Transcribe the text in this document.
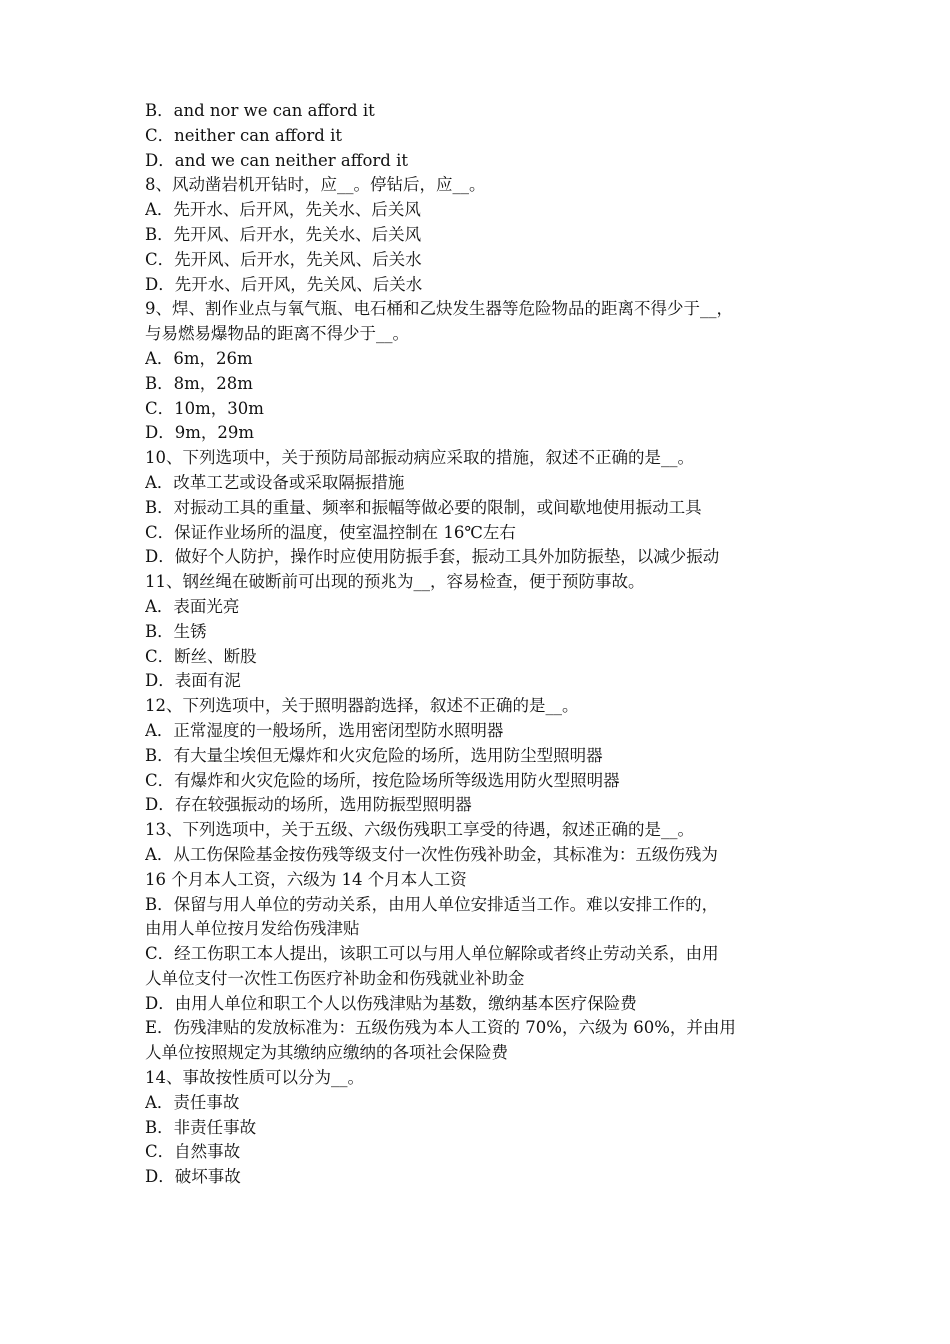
B．and nor we can afford it
C．neither can afford it
D．and we can neither afford it
8、风动凿岩机开钻时，应__。停钻后，应__。
A．先开水、后开风，先关水、后关风
B．先开风、后开水，先关水、后关风
C．先开风、后开水，先关风、后关水
D．先开水、后开风，先关风、后关水
9、焊、割作业点与氧气瓶、电石桶和乙炔发生器等危险物品的距离不得少于__，
与易燃易爆物品的距离不得少于__。
A．6m，26m
B．8m，28m
C．10m，30m
D．9m，29m
10、下列选项中，关于预防局部振动病应采取的措施，叙述不正确的是__。
A．改革工艺或设备或采取隔振措施
B．对振动工具的重量、频率和振幅等做必要的限制，或间歇地使用振动工具
C．保证作业场所的温度，使室温控制在 16℃左右
D．做好个人防护，操作时应使用防振手套，振动工具外加防振垫，以减少振动
11、钢丝绳在破断前可出现的预兆为__，容易检查，便于预防事故。
A．表面光亮
B．生锈
C．断丝、断股
D．表面有泥
12、下列选项中，关于照明器韵选择，叙述不正确的是__。
A．正常湿度的一般场所，选用密闭型防水照明器
B．有大量尘埃但无爆炸和火灾危险的场所，选用防尘型照明器
C．有爆炸和火灾危险的场所，按危险场所等级选用防火型照明器
D．存在较强振动的场所，选用防振型照明器
13、下列选项中，关于五级、六级伤残职工享受的待遇，叙述正确的是__。
A．从工伤保险基金按伤残等级支付一次性伤残补助金，其标准为：五级伤残为
16 个月本人工资，六级为 14 个月本人工资
B．保留与用人单位的劳动关系，由用人单位安排适当工作。难以安排工作的，
由用人单位按月发给伤残津贴
C．经工伤职工本人提出，该职工可以与用人单位解除或者终止劳动关系，由用
人单位支付一次性工伤医疗补助金和伤残就业补助金
D．由用人单位和职工个人以伤残津贴为基数，缴纳基本医疗保险费
E．伤残津贴的发放标准为：五级伤残为本人工资的 70%，六级为 60%，并由用
人单位按照规定为其缴纳应缴纳的各项社会保险费
14、事故按性质可以分为__。
A．责任事故
B．非责任事故
C．自然事故
D．破坏事故
